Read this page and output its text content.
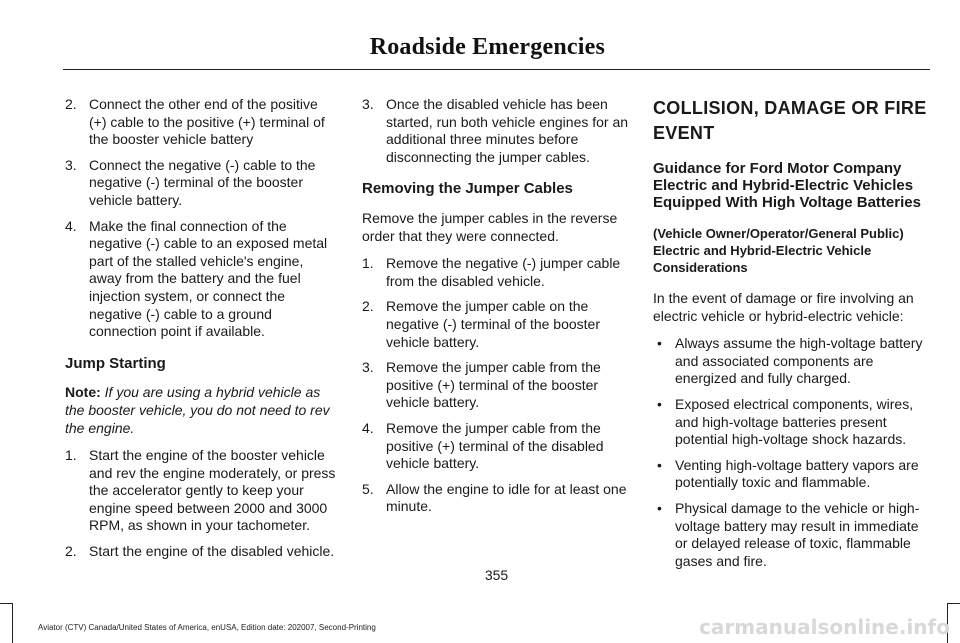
Roadside Emergencies
2. Connect the other end of the positive (+) cable to the positive (+) terminal of the booster vehicle battery
3. Connect the negative (-) cable to the negative (-) terminal of the booster vehicle battery.
4. Make the final connection of the negative (-) cable to an exposed metal part of the stalled vehicle's engine, away from the battery and the fuel injection system, or connect the negative (-) cable to a ground connection point if available.
Jump Starting
Note: If you are using a hybrid vehicle as the booster vehicle, you do not need to rev the engine.
1. Start the engine of the booster vehicle and rev the engine moderately, or press the accelerator gently to keep your engine speed between 2000 and 3000 RPM, as shown in your tachometer.
2. Start the engine of the disabled vehicle.
3. Once the disabled vehicle has been started, run both vehicle engines for an additional three minutes before disconnecting the jumper cables.
Removing the Jumper Cables
Remove the jumper cables in the reverse order that they were connected.
1. Remove the negative (-) jumper cable from the disabled vehicle.
2. Remove the jumper cable on the negative (-) terminal of the booster vehicle battery.
3. Remove the jumper cable from the positive (+) terminal of the booster vehicle battery.
4. Remove the jumper cable from the positive (+) terminal of the disabled vehicle battery.
5. Allow the engine to idle for at least one minute.
COLLISION, DAMAGE OR FIRE
EVENT
Guidance for Ford Motor Company Electric and Hybrid-Electric Vehicles Equipped With High Voltage Batteries
(Vehicle Owner/Operator/General Public) Electric and Hybrid-Electric Vehicle Considerations
In the event of damage or fire involving an electric vehicle or hybrid-electric vehicle:
• Always assume the high-voltage battery and associated components are energized and fully charged.
• Exposed electrical components, wires, and high-voltage batteries present potential high-voltage shock hazards.
• Venting high-voltage battery vapors are potentially toxic and flammable.
• Physical damage to the vehicle or high-voltage battery may result in immediate or delayed release of toxic, flammable gases and fire.
355
Aviator (CTV) Canada/United States of America, enUSA, Edition date: 202007, Second-Printing	carmanualsonline.info
